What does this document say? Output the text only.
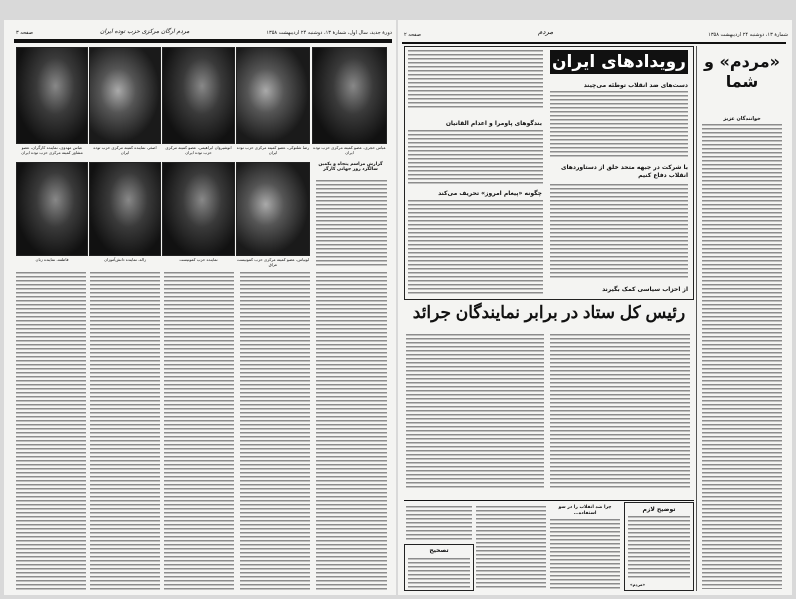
دورهٔ جدید، سال اول، شمارهٔ ۱۳، دوشنبه ۲۴ اردیبهشت ۱۳۵۸
مردم ارگان مرکزی حزب توده ایران
صفحه ۳
عباس حجری، عضو کمیته مرکزی حزب توده ایران
رضا شلتوکی، عضو کمیته مرکزی حزب توده ایران
انوشیروان ابراهیمی، عضو کمیته مرکزی حزب توده ایران
اصغر، نماینده کمیته مرکزی حزب توده ایران
عباس مهدوی، نماینده کارگران، عضو مشاور کمیته مرکزی حزب توده ایران
لوبیاس، عضو کمیته مرکزی حزب کمونیست عراق
نماینده حزب کمونیست
زاله، نماینده دانش‌آموزان
فاطمه، نماینده زنان
گزارش مراسم پنجاه و یکمین سالگرد روز جهانی کارگر
شمارهٔ ۱۳، دوشنبه ۲۴ اردیبهشت ۱۳۵۸
مردم
صفحه ۲
رویدادهای ایران
دست‌های ضد انقلاب توطئه می‌چیند
بندگوهای پاومرا و اعدام القانیان
چگونه «پیغام امروز» تحریف می‌کند
با شرکت در جبهه متحد خلق از دستاوردهای انقلاب دفاع کنیم
از احزاب سیاسی کمک بگیرند
«مردم» و شما
خوانندگان عزیز
رئیس کل ستاد در برابر نمایندگان جرائد
توضیح لازم
«مردم»
چرا ضد انقلاب را در سو استفاده...
تصحیح
